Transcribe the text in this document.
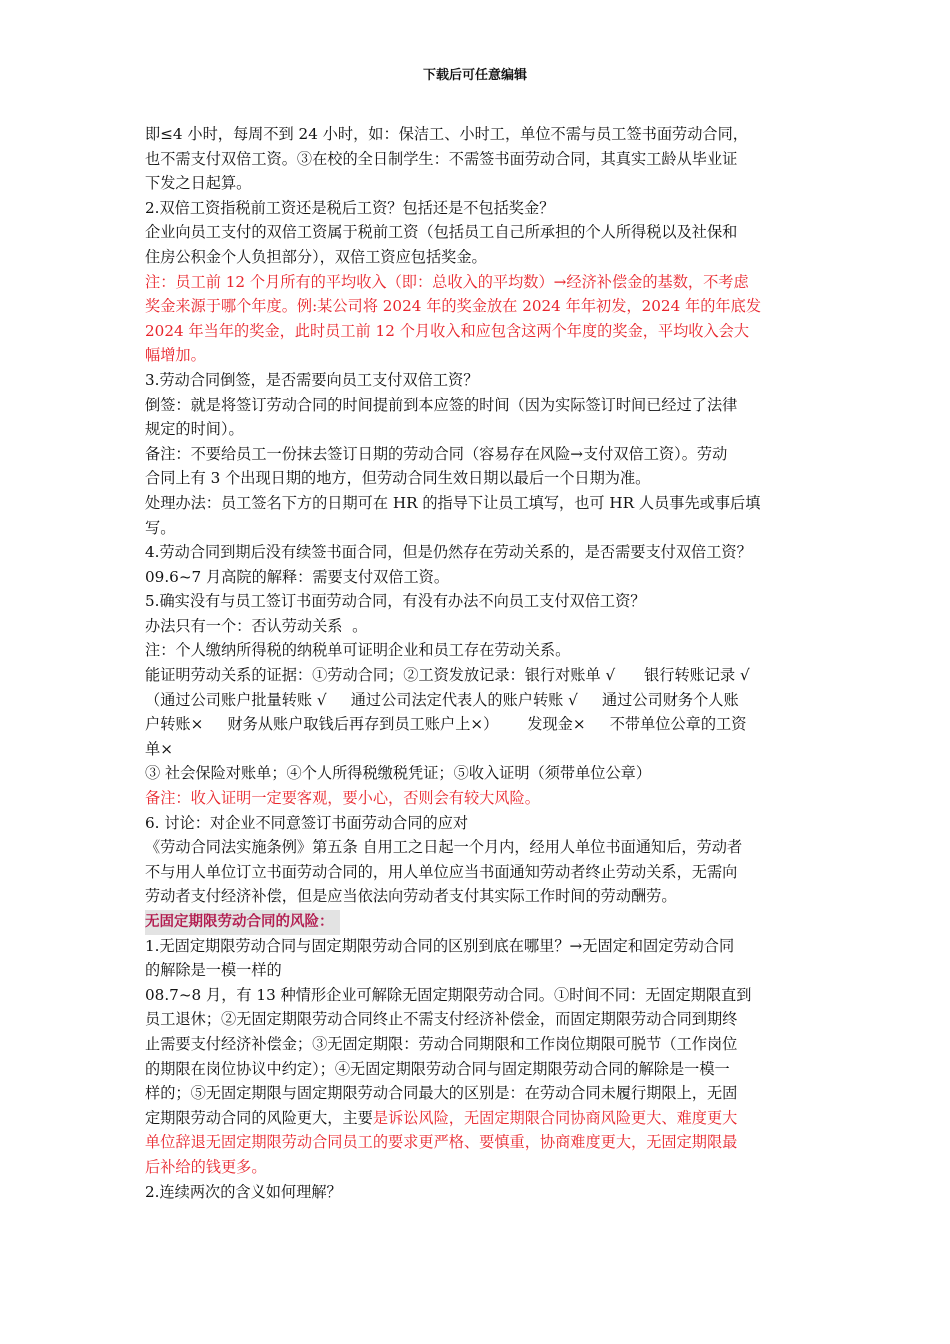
下载后可任意编辑
即≤4 小时，每周不到 24 小时，如：保洁工、小时工，单位不需与员工签书面劳动合同，
也不需支付双倍工资。③在校的全日制学生：不需签书面劳动合同，其真实工龄从毕业证
下发之日起算。
2.双倍工资指税前工资还是税后工资？包括还是不包括奖金？
企业向员工支付的双倍工资属于税前工资（包括员工自己所承担的个人所得税以及社保和
住房公积金个人负担部分），双倍工资应包括奖金。
注：员工前 12 个月所有的平均收入（即：总收入的平均数）→经济补偿金的基数，不考虑
奖金来源于哪个年度。例:某公司将 2024 年的奖金放在 2024 年年初发，2024 年的年底发
2024 年当年的奖金，此时员工前 12 个月收入和应包含这两个年度的奖金，平均收入会大
幅增加。
3.劳动合同倒签，是否需要向员工支付双倍工资？
倒签：就是将签订劳动合同的时间提前到本应签的时间（因为实际签订时间已经过了法律
规定的时间）。
备注：不要给员工一份抹去签订日期的劳动合同（容易存在风险→支付双倍工资）。劳动
合同上有 3 个出现日期的地方，但劳动合同生效日期以最后一个日期为准。
处理办法：员工签名下方的日期可在 HR 的指导下让员工填写，也可 HR 人员事先或事后填
写。
4.劳动合同到期后没有续签书面合同，但是仍然存在劳动关系的，是否需要支付双倍工资？
09.6~7 月高院的解释：需要支付双倍工资。
5.确实没有与员工签订书面劳动合同，有没有办法不向员工支付双倍工资？
办法只有一个：否认劳动关系  。
注：个人缴纳所得税的纳税单可证明企业和员工存在劳动关系。
能证明劳动关系的证据：①劳动合同；②工资发放记录：银行对账单 √      银行转账记录 √
（通过公司账户批量转账 √     通过公司法定代表人的账户转账 √     通过公司财务个人账
户转账×     财务从账户取钱后再存到员工账户上×）      发现金×     不带单位公章的工资
单×
③ 社会保险对账单；④个人所得税缴税凭证；⑤收入证明（须带单位公章）
备注：收入证明一定要客观，要小心，否则会有较大风险。
6. 讨论：对企业不同意签订书面劳动合同的应对
《劳动合同法实施条例》第五条 自用工之日起一个月内，经用人单位书面通知后，劳动者
不与用人单位订立书面劳动合同的，用人单位应当书面通知劳动者终止劳动关系，无需向
劳动者支付经济补偿，但是应当依法向劳动者支付其实际工作时间的劳动酬劳。
无固定期限劳动合同的风险：
1.无固定期限劳动合同与固定期限劳动合同的区别到底在哪里？→无固定和固定劳动合同
的解除是一模一样的
08.7~8 月，有 13 种情形企业可解除无固定期限劳动合同。①时间不同：无固定期限直到
员工退休；②无固定期限劳动合同终止不需支付经济补偿金，而固定期限劳动合同到期终
止需要支付经济补偿金；③无固定期限：劳动合同期限和工作岗位期限可脱节（工作岗位
的期限在岗位协议中约定）；④无固定期限劳动合同与固定期限劳动合同的解除是一模一
样的；⑤无固定期限与固定期限劳动合同最大的区别是：在劳动合同未履行期限上，无固
定期限劳动合同的风险更大，主要是诉讼风险，无固定期限合同协商风险更大、难度更大
单位辞退无固定期限劳动合同员工的要求更严格、要慎重，协商难度更大，无固定期限最
后补给的钱更多。
2.连续两次的含义如何理解？
